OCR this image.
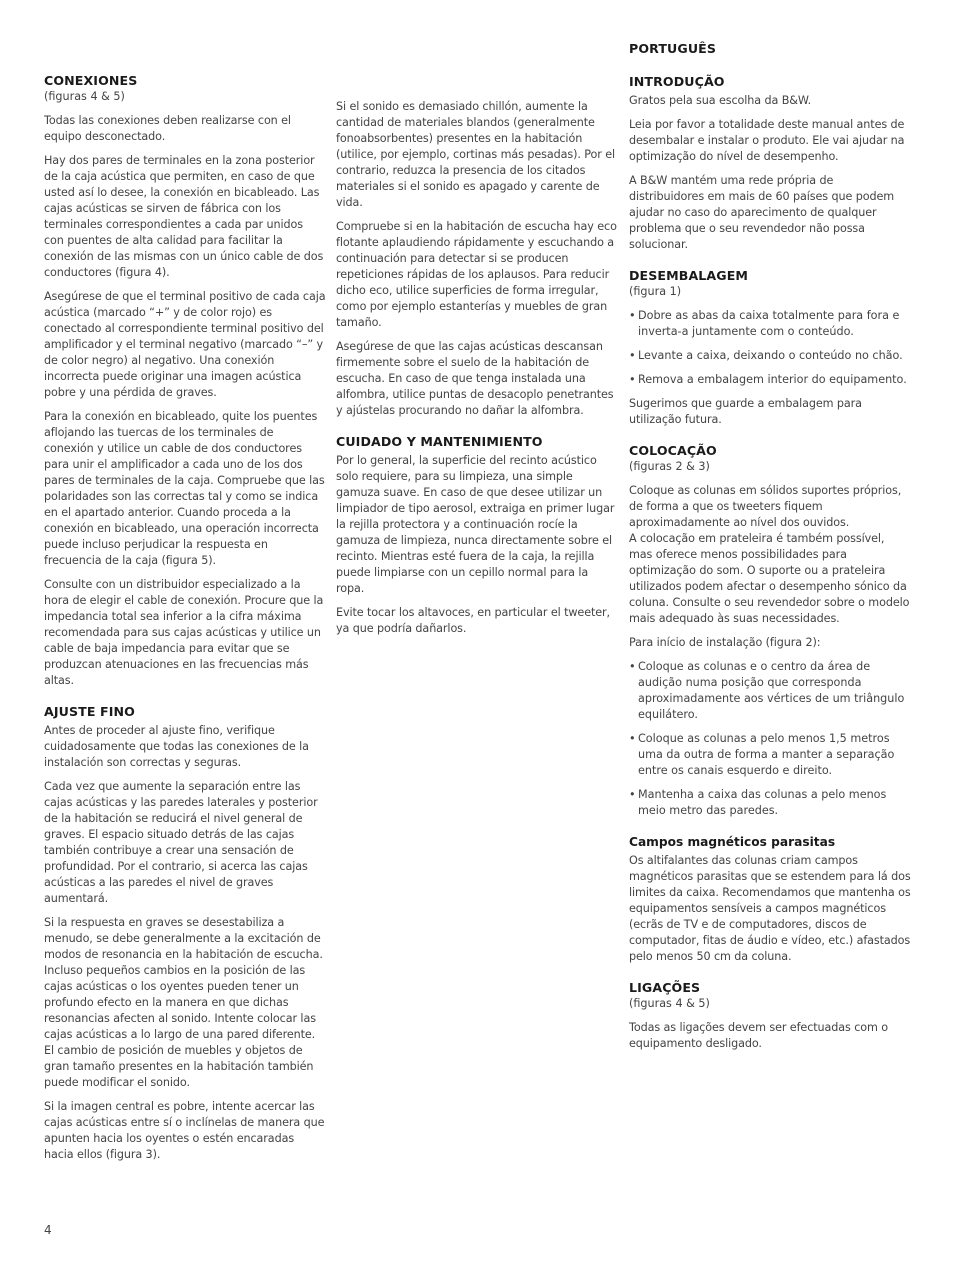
CONEXIONES
(figuras 4 & 5)

Todas las conexiones deben realizarse con el equipo desconectado.

Hay dos pares de terminales en la zona posterior de la caja acústica que permiten, en caso de que usted así lo desee, la conexión en bicableado. Las cajas acústicas se sirven de fábrica con los terminales correspondientes a cada par unidos con puentes de alta calidad para facilitar la conexión de las mismas con un único cable de dos conductores (figura 4).

Asegúrese de que el terminal positivo de cada caja acústica (marcado “+” y de color rojo) es conectado al correspondiente terminal positivo del amplificador y el terminal negativo (marcado “–” y de color negro) al negativo. Una conexión incorrecta puede originar una imagen acústica pobre y una pérdida de graves.

Para la conexión en bicableado, quite los puentes aflojando las tuercas de los terminales de conexión y utilice un cable de dos conductores para unir el amplificador a cada uno de los dos pares de terminales de la caja. Compruebe que las polaridades son las correctas tal y como se indica en el apartado anterior. Cuando proceda a la conexión en bicableado, una operación incorrecta puede incluso perjudicar la respuesta en frecuencia de la caja (figura 5).

Consulte con un distribuidor especializado a la hora de elegir el cable de conexión. Procure que la impedancia total sea inferior a la cifra máxima recomendada para sus cajas acústicas y utilice un cable de baja impedancia para evitar que se produzcan atenuaciones en las frecuencias más altas.

AJUSTE FINO

Antes de proceder al ajuste fino, verifique cuidadosamente que todas las conexiones de la instalación son correctas y seguras.

Cada vez que aumente la separación entre las cajas acústicas y las paredes laterales y posterior de la habitación se reducirá el nivel general de graves. El espacio situado detrás de las cajas también contribuye a crear una sensación de profundidad. Por el contrario, si acerca las cajas acústicas a las paredes el nivel de graves aumentará.

Si la respuesta en graves se desestabiliza a menudo, se debe generalmente a la excitación de modos de resonancia en la habitación de escucha. Incluso pequeños cambios en la posición de las cajas acústicas o los oyentes pueden tener un profundo efecto en la manera en que dichas resonancias afecten al sonido. Intente colocar las cajas acústicas a lo largo de una pared diferente. El cambio de posición de muebles y objetos de gran tamaño presentes en la habitación también puede modificar el sonido.

Si la imagen central es pobre, intente acercar las cajas acústicas entre sí o inclínelas de manera que apunten hacia los oyentes o estén encaradas hacia ellos (figura 3).

Si el sonido es demasiado chillón, aumente la cantidad de materiales blandos (generalmente fonoabsorbentes) presentes en la habitación (utilice, por ejemplo, cortinas más pesadas). Por el contrario, reduzca la presencia de los citados materiales si el sonido es apagado y carente de vida.

Compruebe si en la habitación de escucha hay eco flotante aplaudiendo rápidamente y escuchando a continuación para detectar si se producen repeticiones rápidas de los aplausos. Para reducir dicho eco, utilice superficies de forma irregular, como por ejemplo estanterías y muebles de gran tamaño.

Asegúrese de que las cajas acústicas descansan firmemente sobre el suelo de la habitación de escucha. En caso de que tenga instalada una alfombra, utilice puntas de desacoplo penetrantes y ajústelas procurando no dañar la alfombra.

CUIDADO Y MANTENIMIENTO

Por lo general, la superficie del recinto acústico solo requiere, para su limpieza, una simple gamuza suave. En caso de que desee utilizar un limpiador de tipo aerosol, extraiga en primer lugar la rejilla protectora y a continuación rocíe la gamuza de limpieza, nunca directamente sobre el recinto. Mientras esté fuera de la caja, la rejilla puede limpiarse con un cepillo normal para la ropa.

Evite tocar los altavoces, en particular el tweeter, ya que podría dañarlos.

PORTUGUÊS
INTRODUÇÃO

Gratos pela sua escolha da B&W.

Leia por favor a totalidade deste manual antes de desembalar e instalar o produto. Ele vai ajudar na optimização do nível de desempenho.

A B&W mantém uma rede própria de distribuidores em mais de 60 países que podem ajudar no caso do aparecimento de qualquer problema que o seu revendedor não possa solucionar.

DESEMBALAGEM
(figura 1)
• Dobre as abas da caixa totalmente para fora e inverta-a juntamente com o conteúdo.
• Levante a caixa, deixando o conteúdo no chão.
• Remova a embalagem interior do equipamento.

Sugerimos que guarde a embalagem para utilização futura.

COLOCAÇÃO
(figuras 2 & 3)

Coloque as colunas em sólidos suportes próprios, de forma a que os tweeters fiquem aproximadamente ao nível dos ouvidos.
A colocação em prateleira é também possível, mas oferece menos possibilidades para optimização do som. O suporte ou a prateleira utilizados podem afectar o desempenho sónico da coluna. Consulte o seu revendedor sobre o modelo mais adequado às suas necessidades.

Para início de instalação (figura 2):

• Coloque as colunas e o centro da área de audição numa posição que corresponda aproximadamente aos vértices de um triângulo equilátero.
• Coloque as colunas a pelo menos 1,5 metros uma da outra de forma a manter a separação entre os canais esquerdo e direito.
• Mantenha a caixa das colunas a pelo menos meio metro das paredes.
Campos magnéticos parasitas

Os altifalantes das colunas criam campos magnéticos parasitas que se estendem para lá dos limites da caixa. Recomendamos que mantenha os equipamentos sensíveis a campos magnéticos (ecrãs de TV e de computadores, discos de computador, fitas de áudio e vídeo, etc.) afastados pelo menos 50 cm da coluna.

LIGAÇÕES
(figuras 4 & 5)

Todas as ligações devem ser efectuadas com o equipamento desligado.

4
